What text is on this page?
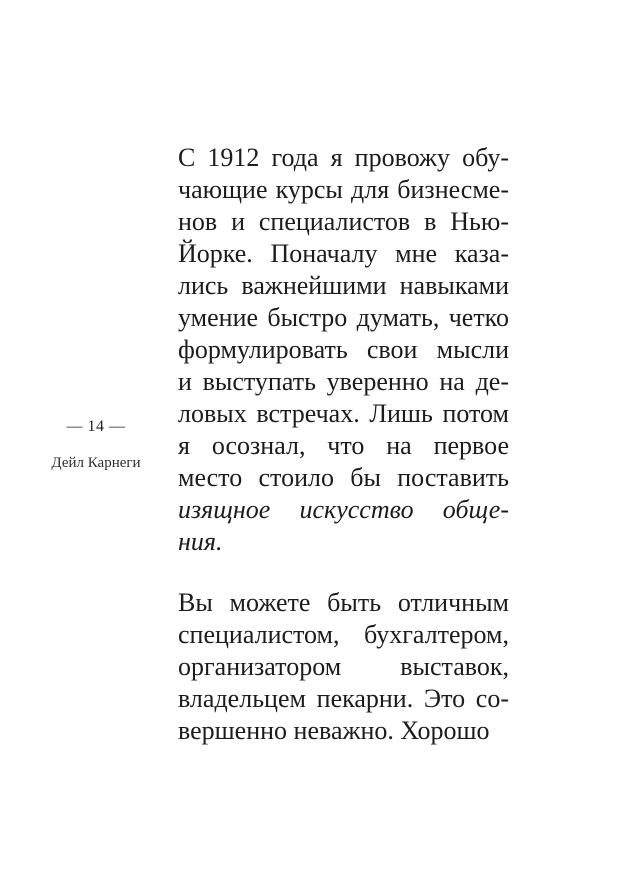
— 14 —
Дейл Карнеги
С 1912 года я провожу обу-
чающие курсы для бизнесме-
нов и специалистов в Нью-
Йорке. Поначалу мне каза-
лись важнейшими навыками
умение быстро думать, четко
формулировать свои мысли
и выступать уверенно на де-
ловых встречах. Лишь потом
я осознал, что на первое
место стоило бы поставить
изящное искусство обще-
ния.
Вы можете быть отличным
специалистом, бухгалтером,
организатором выставок,
владельцем пекарни. Это со-
вершенно неважно. Хорошо
